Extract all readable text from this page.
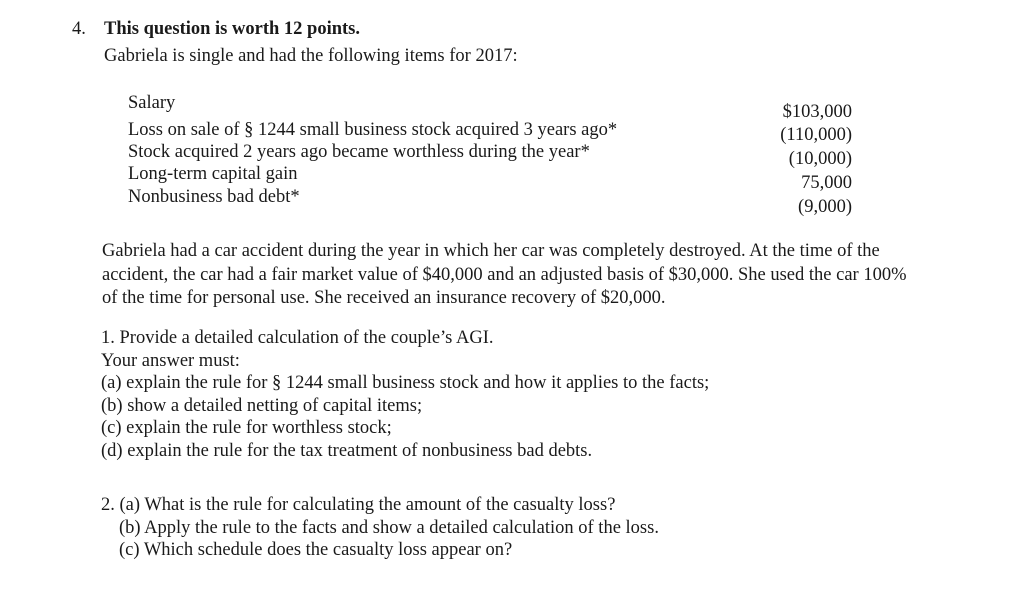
4. This question is worth 12 points.
Gabriela is single and had the following items for 2017:
Salary
Loss on sale of § 1244 small business stock acquired 3 years ago*
Stock acquired 2 years ago became worthless during the year*
Long-term capital gain
Nonbusiness bad debt*
$103,000
(110,000)
(10,000)
75,000
(9,000)
Gabriela had a car accident during the year in which her car was completely destroyed. At the time of the
accident, the car had a fair market value of $40,000 and an adjusted basis of $30,000. She used the car 100%
of the time for personal use. She received an insurance recovery of $20,000.
1. Provide a detailed calculation of the couple’s AGI.
Your answer must:
(a) explain the rule for § 1244 small business stock and how it applies to the facts;
(b) show a detailed netting of capital items;
(c) explain the rule for worthless stock;
(d) explain the rule for the tax treatment of nonbusiness bad debts.
2. (a) What is the rule for calculating the amount of the casualty loss?
(b) Apply the rule to the facts and show a detailed calculation of the loss.
(c) Which schedule does the casualty loss appear on?
